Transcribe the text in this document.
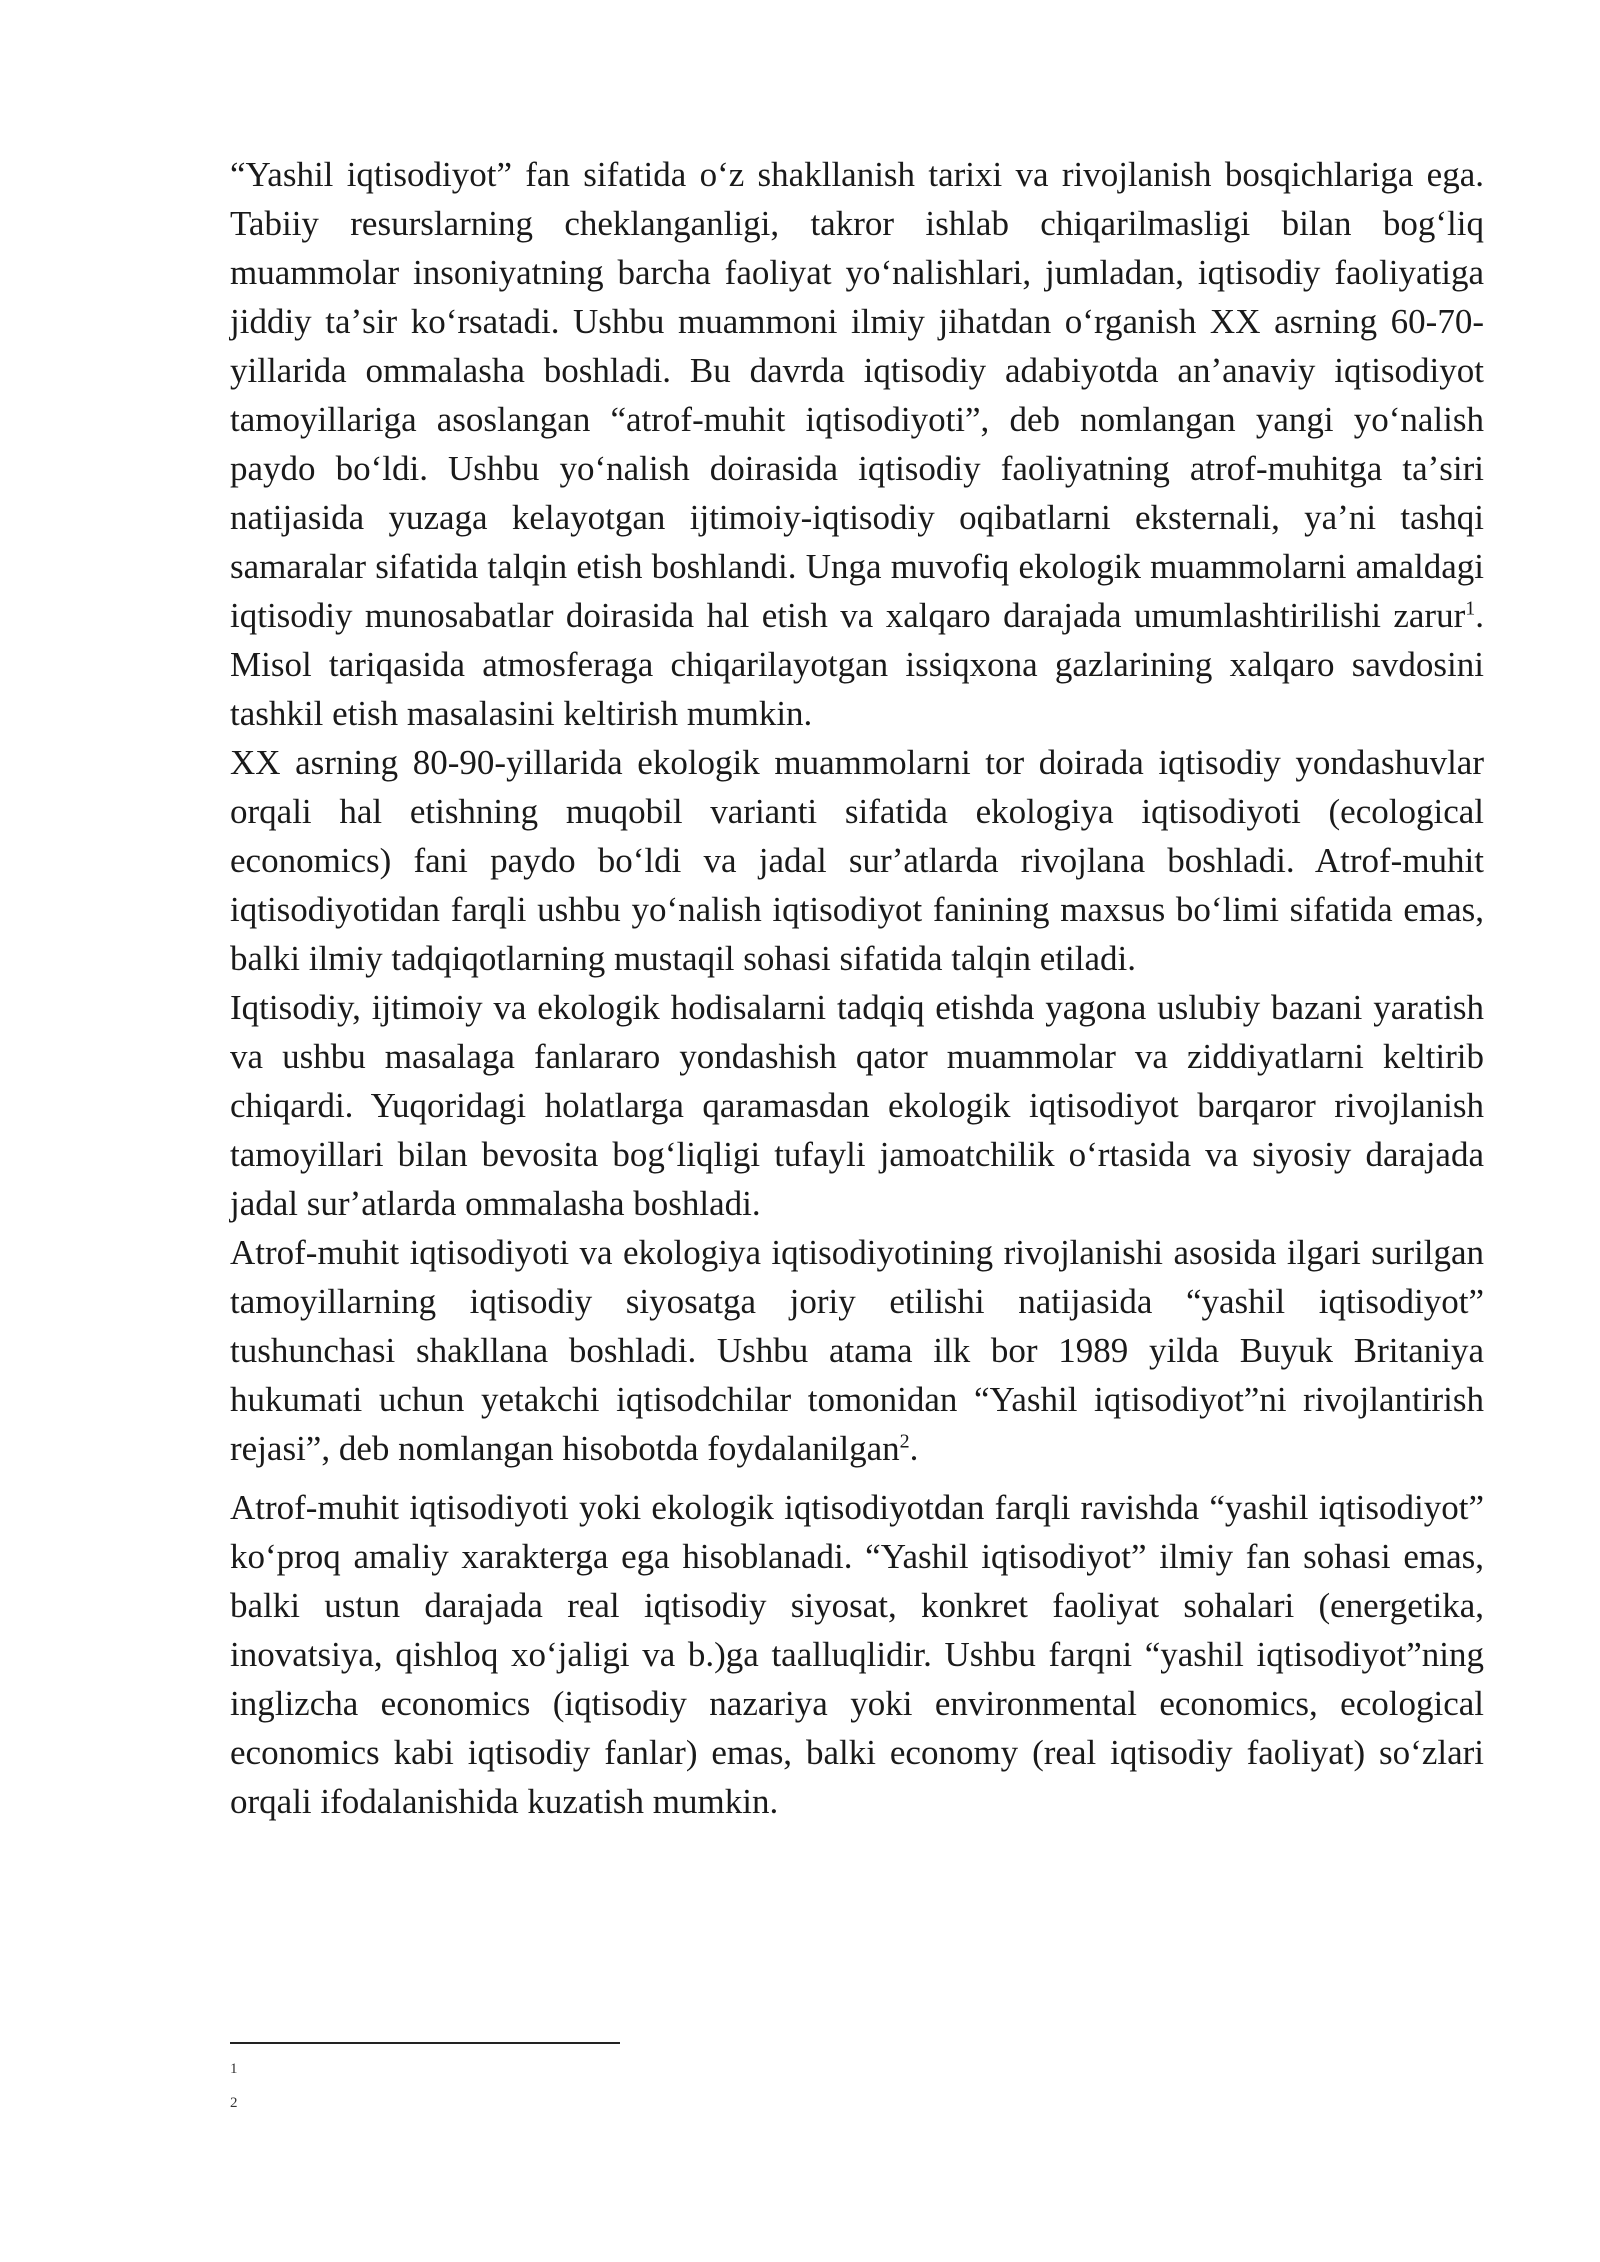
“Yashil iqtisodiyot” fan sifatida oʻz shakllanish tarixi va rivojlanish bosqichlariga ega. Tabiiy resurslarning cheklanganligi, takror ishlab chiqarilmasligi bilan bogʻliq muammolar insoniyatning barcha faoliyat yoʻnalishlari, jumladan, iqtisodiy faoliyatiga jiddiy taʼsir koʻrsatadi. Ushbu muammoni ilmiy jihatdan oʻrganish XX asrning 60-70-yillarida ommalasha boshladi. Bu davrda iqtisodiy adabiyotda anʼanaviy iqtisodiyot tamoyillariga asoslangan “atrof-muhit iqtisodiyoti”, deb nomlangan yangi yoʻnalish paydo boʻldi. Ushbu yoʻnalish doirasida iqtisodiy faoliyatning atrof-muhitga taʼsiri natijasida yuzaga kelayotgan ijtimoiy-iqtisodiy oqibatlarni eksternali, yaʼni tashqi samaralar sifatida talqin etish boshlandi. Unga muvofiq ekologik muammolarni amaldagi iqtisodiy munosabatlar doirasida hal etish va xalqaro darajada umumlashtirilishi zarur$^1$. Misol tariqasida atmosferaga chiqarilayotgan issiqxona gazlarining xalqaro savdosini tashkil etish masalasini keltirish mumkin.

XX asrning 80-90-yillarida ekologik muammolarni tor doirada iqtisodiy yondashuvlar orqali hal etishning muqobil varianti sifatida ekologiya iqtisodiyoti (ecological economics) fani paydo boʻldi va jadal surʼatlarda rivojlana boshladi. Atrof-muhit iqtisodiyotidan farqli ushbu yoʻnalish iqtisodiyot fanining maxsus boʻlimi sifatida emas, balki ilmiy tadqiqotlarning mustaqil sohasi sifatida talqin etiladi.

Iqtisodiy, ijtimoiy va ekologik hodisalarni tadqiq etishda yagona uslubiy bazani yaratish va ushbu masalaga fanlararo yondashish qator muammolar va ziddiyatlarni keltirib chiqardi. Yuqoridagi holatlarga qaramasdan ekologik iqtisodiyot barqaror rivojlanish tamoyillari bilan bevosita bogʻliqligi tufayli jamoatchilik oʻrtasida va siyosiy darajada jadal surʼatlarda ommalasha boshladi.

Atrof-muhit iqtisodiyoti va ekologiya iqtisodiyotining rivojlanishi asosida ilgari surilgan tamoyillarning iqtisodiy siyosatga joriy etilishi natijasida “yashil iqtisodiyot” tushunchasi shakllana boshladi. Ushbu atama ilk bor 1989 yilda Buyuk Britaniya hukumati uchun yetakchi iqtisodchilar tomonidan “Yashil iqtisodiyot”ni rivojlantirish rejasi”, deb nomlangan hisobotda foydalanilgan$^2$.

Atrof-muhit iqtisodiyoti yoki ekologik iqtisodiyotdan farqli ravishda “yashil iqtisodiyot” koʻproq amaliy xarakterga ega hisoblanadi. “Yashil iqtisodiyot” ilmiy fan sohasi emas, balki ustun darajada real iqtisodiy siyosat, konkret faoliyat sohalari (energetika, inovatsiya, qishloq xoʻjaligi va b.)ga taalluqlidir. Ushbu farqni “yashil iqtisodiyot”ning inglizcha economics (iqtisodiy nazariya yoki environmental economics, ecological economics kabi iqtisodiy fanlar) emas, balki economy (real iqtisodiy faoliyat) soʻzlari orqali ifodalanishida kuzatish mumkin.

1
2
